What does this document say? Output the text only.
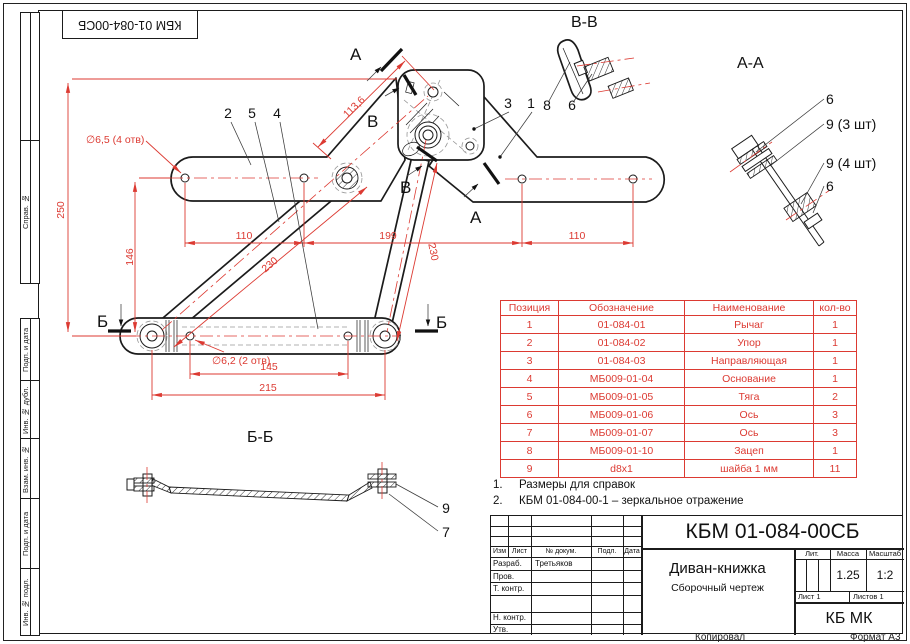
КБМ 01-084-00СБ
Справ. №
Подп. и дата
Инв. № дубл.
Взам. инв. №
Подп. и дата
Инв. № подл.
∅6,5 (4 отв)
250
146
110	199	110
230
230
∅6,2 (2 отв)
145
215
113,6
А
А
Б	Б
В
В
2 5 4
3 1
В-В
8 6
А-А
6
9 (3 шт)
9 (4 шт)
6
Б-Б
9
7
Позиция	Обозначение	Наименование	кол-во
1	01-084-01	Рычаг	1
2	01-084-02	Упор	1
3	01-084-03	Направляющая	1
4	МБ009-01-04	Основание	1
5	МБ009-01-05	Тяга	2
6	МБ009-01-06	Ось	3
7	МБ009-01-07	Ось	3
8	МБ009-01-10	Зацеп	1
9	d8x1	шайба 1 мм	11
1.	Размеры для справок
2.	КБМ 01-084-00-1 – зеркальное отражение
Изм Лист	№ докум.	Подл.	Дата
Разраб.	Третьяков
Пров.
Т. контр.
Н. контр.
Утв.
КБМ 01-084-00СБ
Диван-книжка
Сборочный чертеж
Лит.	Масса	Масштаб
1.25	1:2
Лист 1	Листов 1
КБ МК
Копировал	Формат А3
